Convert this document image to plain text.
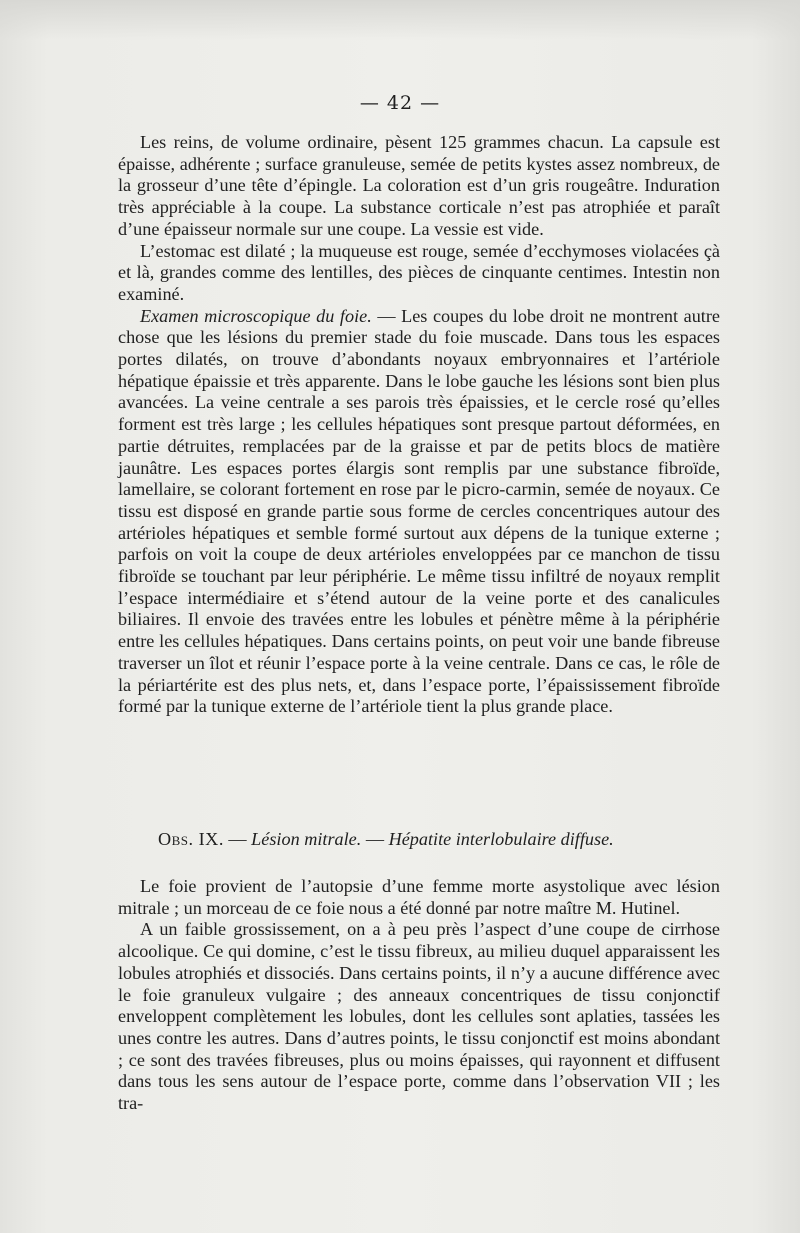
— 42 —

Les reins, de volume ordinaire, pèsent 125 grammes chacun. La capsule est épaisse, adhérente ; surface granuleuse, semée de petits kystes assez nombreux, de la grosseur d’une tête d’épingle. La coloration est d’un gris rougeâtre. Induration très appréciable à la coupe. La substance corticale n’est pas atrophiée et paraît d’une épaisseur normale sur une coupe. La vessie est vide.

L’estomac est dilaté ; la muqueuse est rouge, semée d’ecchymoses violacées çà et là, grandes comme des lentilles, des pièces de cinquante centimes. Intestin non examiné.

Examen microscopique du foie. — Les coupes du lobe droit ne montrent autre chose que les lésions du premier stade du foie muscade. Dans tous les espaces portes dilatés, on trouve d’abondants noyaux embryonnaires et l’artériole hépatique épaissie et très apparente. Dans le lobe gauche les lésions sont bien plus avancées. La veine centrale a ses parois très épaissies, et le cercle rosé qu’elles forment est très large ; les cellules hépatiques sont presque partout déformées, en partie détruites, remplacées par de la graisse et par de petits blocs de matière jaunâtre. Les espaces portes élargis sont remplis par une substance fibroïde, lamellaire, se colorant fortement en rose par le picro-carmin, semée de noyaux. Ce tissu est disposé en grande partie sous forme de cercles concentriques autour des artérioles hépatiques et semble formé surtout aux dépens de la tunique externe ; parfois on voit la coupe de deux artérioles enveloppées par ce manchon de tissu fibroïde se touchant par leur périphérie. Le même tissu infiltré de noyaux remplit l’espace intermédiaire et s’étend autour de la veine porte et des canalicules biliaires. Il envoie des travées entre les lobules et pénètre même à la périphérie entre les cellules hépatiques. Dans certains points, on peut voir une bande fibreuse traverser un îlot et réunir l’espace porte à la veine centrale. Dans ce cas, le rôle de la périartérite est des plus nets, et, dans l’espace porte, l’épaississement fibroïde formé par la tunique externe de l’artériole tient la plus grande place.

Obs. IX. — Lésion mitrale. — Hépatite interlobulaire diffuse.

Le foie provient de l’autopsie d’une femme morte asystolique avec lésion mitrale ; un morceau de ce foie nous a été donné par notre maître M. Hutinel.

A un faible grossissement, on a à peu près l’aspect d’une coupe de cirrhose alcoolique. Ce qui domine, c’est le tissu fibreux, au milieu duquel apparaissent les lobules atrophiés et dissociés. Dans certains points, il n’y a aucune différence avec le foie granuleux vulgaire ; des anneaux concentriques de tissu conjonctif enveloppent complètement les lobules, dont les cellules sont aplaties, tassées les unes contre les autres. Dans d’autres points, le tissu conjonctif est moins abondant ; ce sont des travées fibreuses, plus ou moins épaisses, qui rayonnent et diffusent dans tous les sens autour de l’espace porte, comme dans l’observation VII ; les tra-
